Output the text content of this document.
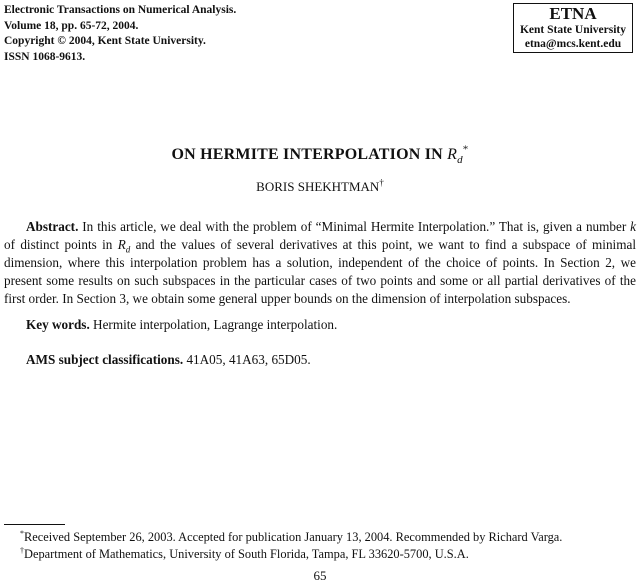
Electronic Transactions on Numerical Analysis.
Volume 18, pp. 65-72, 2004.
Copyright © 2004, Kent State University.
ISSN 1068-9613.
ETNA
Kent State University
etna@mcs.kent.edu
ON HERMITE INTERPOLATION IN $R_d^*$
BORIS SHEKHTMAN†
Abstract. In this article, we deal with the problem of “Minimal Hermite Interpolation.” That is, given a number k of distinct points in $R_d$ and the values of several derivatives at this point, we want to find a subspace of minimal dimension, where this interpolation problem has a solution, independent of the choice of points. In Section 2, we present some results on such subspaces in the particular cases of two points and some or all partial derivatives of the first order. In Section 3, we obtain some general upper bounds on the dimension of interpolation subspaces.
Key words. Hermite interpolation, Lagrange interpolation.
AMS subject classifications. 41A05, 41A63, 65D05.
*Received September 26, 2003. Accepted for publication January 13, 2004. Recommended by Richard Varga.
†Department of Mathematics, University of South Florida, Tampa, FL 33620-5700, U.S.A.
65
